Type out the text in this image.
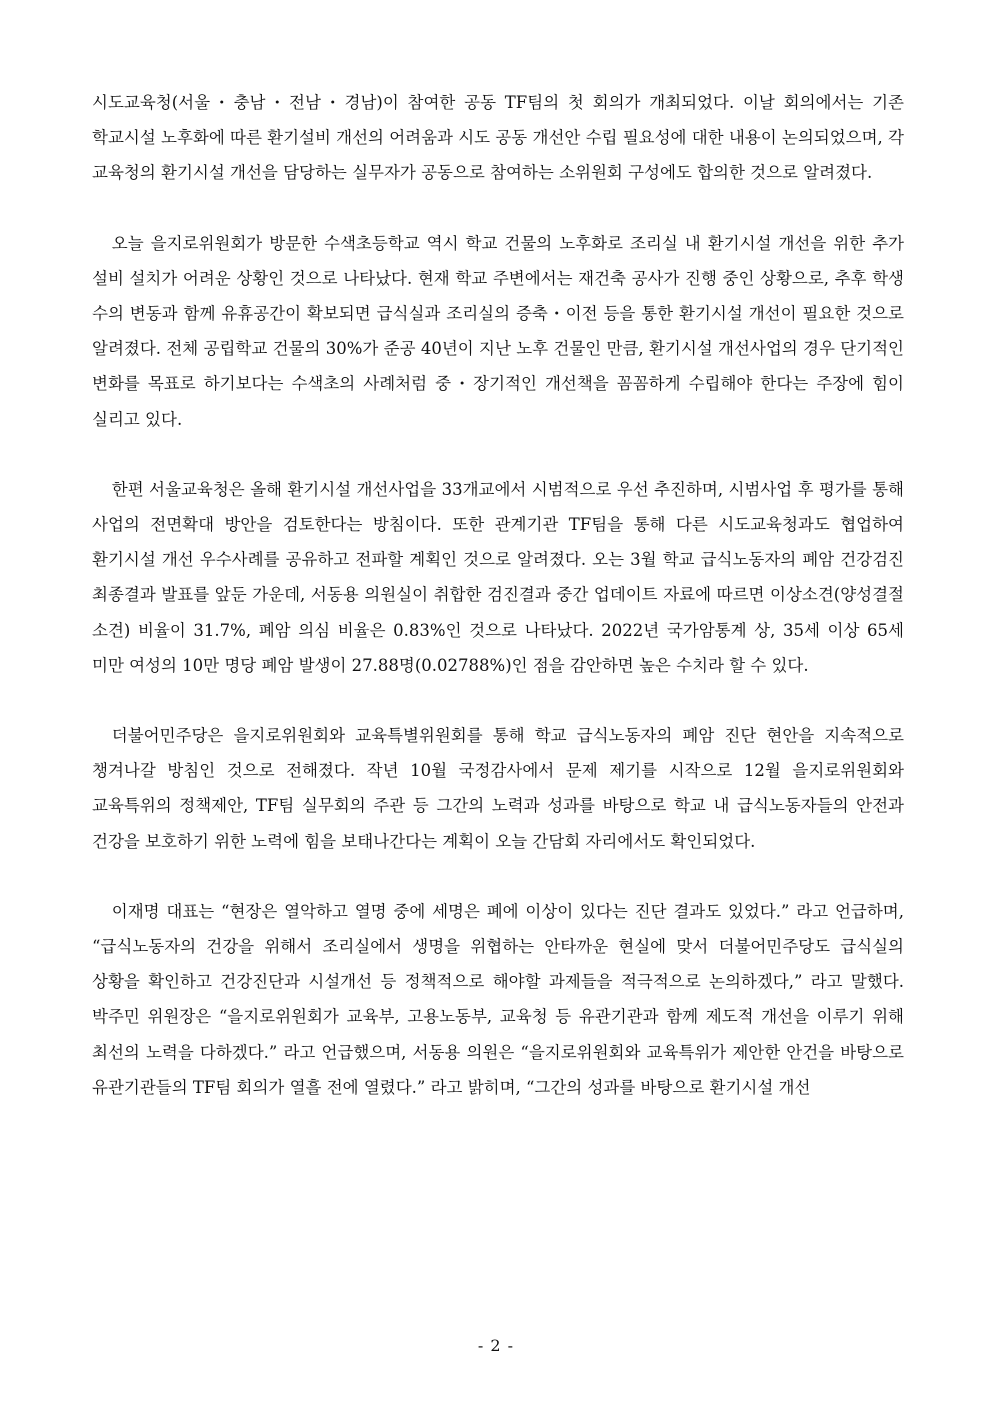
시도교육청(서울・충남・전남・경남)이 참여한 공동 TF팀의 첫 회의가 개최되었다. 이날 회의에서는 기존 학교시설 노후화에 따른 환기설비 개선의 어려움과 시도 공동 개선안 수립 필요성에 대한 내용이 논의되었으며, 각 교육청의 환기시설 개선을 담당하는 실무자가 공동으로 참여하는 소위원회 구성에도 합의한 것으로 알려졌다.

오늘 을지로위원회가 방문한 수색초등학교 역시 학교 건물의 노후화로 조리실 내 환기시설 개선을 위한 추가 설비 설치가 어려운 상황인 것으로 나타났다. 현재 학교 주변에서는 재건축 공사가 진행 중인 상황으로, 추후 학생 수의 변동과 함께 유휴공간이 확보되면 급식실과 조리실의 증축・이전 등을 통한 환기시설 개선이 필요한 것으로 알려졌다. 전체 공립학교 건물의 30%가 준공 40년이 지난 노후 건물인 만큼, 환기시설 개선사업의 경우 단기적인 변화를 목표로 하기보다는 수색초의 사례처럼 중・장기적인 개선책을 꼼꼼하게 수립해야 한다는 주장에 힘이 실리고 있다.

한편 서울교육청은 올해 환기시설 개선사업을 33개교에서 시범적으로 우선 추진하며, 시범사업 후 평가를 통해 사업의 전면확대 방안을 검토한다는 방침이다. 또한 관계기관 TF팀을 통해 다른 시도교육청과도 협업하여 환기시설 개선 우수사례를 공유하고 전파할 계획인 것으로 알려졌다. 오는 3월 학교 급식노동자의 폐암 건강검진 최종결과 발표를 앞둔 가운데, 서동용 의원실이 취합한 검진결과 중간 업데이트 자료에 따르면 이상소견(양성결절 소견) 비율이 31.7%, 폐암 의심 비율은 0.83%인 것으로 나타났다. 2022년 국가암통계 상, 35세 이상 65세 미만 여성의 10만 명당 폐암 발생이 27.88명(0.02788%)인 점을 감안하면 높은 수치라 할 수 있다.

더불어민주당은 을지로위원회와 교육특별위원회를 통해 학교 급식노동자의 폐암 진단 현안을 지속적으로 챙겨나갈 방침인 것으로 전해졌다. 작년 10월 국정감사에서 문제 제기를 시작으로 12월 을지로위원회와 교육특위의 정책제안, TF팀 실무회의 주관 등 그간의 노력과 성과를 바탕으로 학교 내 급식노동자들의 안전과 건강을 보호하기 위한 노력에 힘을 보태나간다는 계획이 오늘 간담회 자리에서도 확인되었다.

이재명 대표는 “현장은 열악하고 열명 중에 세명은 폐에 이상이 있다는 진단 결과도 있었다.” 라고 언급하며, “급식노동자의 건강을 위해서 조리실에서 생명을 위협하는 안타까운 현실에 맞서 더불어민주당도 급식실의 상황을 확인하고 건강진단과 시설개선 등 정책적으로 해야할 과제들을 적극적으로 논의하겠다,” 라고 말했다. 박주민 위원장은 “을지로위원회가 교육부, 고용노동부, 교육청 등 유관기관과 함께 제도적 개선을 이루기 위해 최선의 노력을 다하겠다.” 라고 언급했으며, 서동용 의원은 “을지로위원회와 교육특위가 제안한 안건을 바탕으로 유관기관들의 TF팀 회의가 열흘 전에 열렸다.” 라고 밝히며, “그간의 성과를 바탕으로 환기시설 개선

- 2 -
